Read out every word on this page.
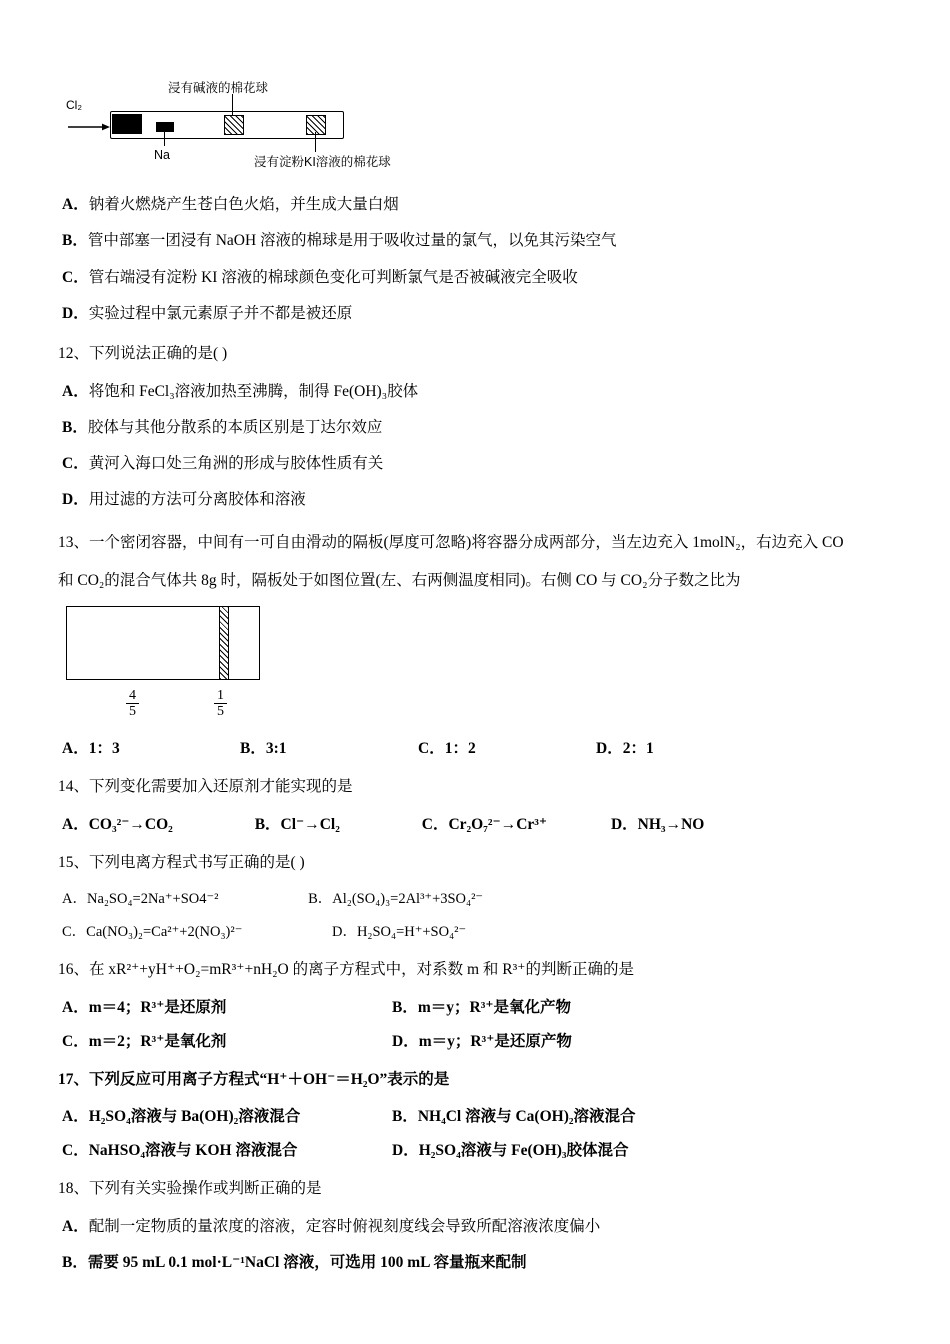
Cl₂
浸有碱液的棉花球
Na	浸有淀粉KI溶液的棉花球
A．钠着火燃烧产生苍白色火焰，并生成大量白烟
B．管中部塞一团浸有 NaOH 溶液的棉球是用于吸收过量的氯气，以免其污染空气
C．管右端浸有淀粉 KI 溶液的棉球颜色变化可判断氯气是否被碱液完全吸收
D．实验过程中氯元素原子并不都是被还原
12、下列说法正确的是( )
A．将饱和 FeCl₃溶液加热至沸腾，制得 Fe(OH)₃胶体
B．胶体与其他分散系的本质区别是丁达尔效应
C．黄河入海口处三角洲的形成与胶体性质有关
D．用过滤的方法可分离胶体和溶液
13、一个密闭容器，中间有一可自由滑动的隔板(厚度可忽略)将容器分成两部分，当左边充入 1molN₂，右边充入 CO
和 CO₂的混合气体共 8g 时，隔板处于如图位置(左、右两侧温度相同)。右侧 CO 与 CO₂分子数之比为
$\frac{4}{5}$	$\frac{1}{5}$
A．1：3	B．3:1	C．1：2	D．2：1
14、下列变化需要加入还原剂才能实现的是
A．CO₃²⁻→CO₂	B．Cl⁻→Cl₂	C．Cr₂O₇²⁻→Cr³⁺	D．NH₃→NO
15、下列电离方程式书写正确的是( )
A．Na₂SO₄=2Na⁺+SO4⁻²	B．Al₂(SO₄)₃=2Al³⁺+3SO₄²⁻
C．Ca(NO₃)₂=Ca²⁺+2(NO₃)²⁻	D．H₂SO₄=H⁺+SO₄²⁻
16、在 xR²⁺+yH⁺+O₂=mR³⁺+nH₂O 的离子方程式中，对系数 m 和 R³⁺的判断正确的是
A．m＝4；R³⁺是还原剂	B．m＝y；R³⁺是氧化产物
C．m＝2；R³⁺是氧化剂	D．m＝y；R³⁺是还原产物
17、下列反应可用离子方程式“H⁺＋OH⁻＝H₂O”表示的是
A．H₂SO₄溶液与 Ba(OH)₂溶液混合	B．NH₄Cl 溶液与 Ca(OH)₂溶液混合
C．NaHSO₄溶液与 KOH 溶液混合	D．H₂SO₄溶液与 Fe(OH)₃胶体混合
18、下列有关实验操作或判断正确的是
A．配制一定物质的量浓度的溶液，定容时俯视刻度线会导致所配溶液浓度偏小
B．需要 95 mL 0.1 mol·L⁻¹NaCl 溶液，可选用 100 mL 容量瓶来配制
